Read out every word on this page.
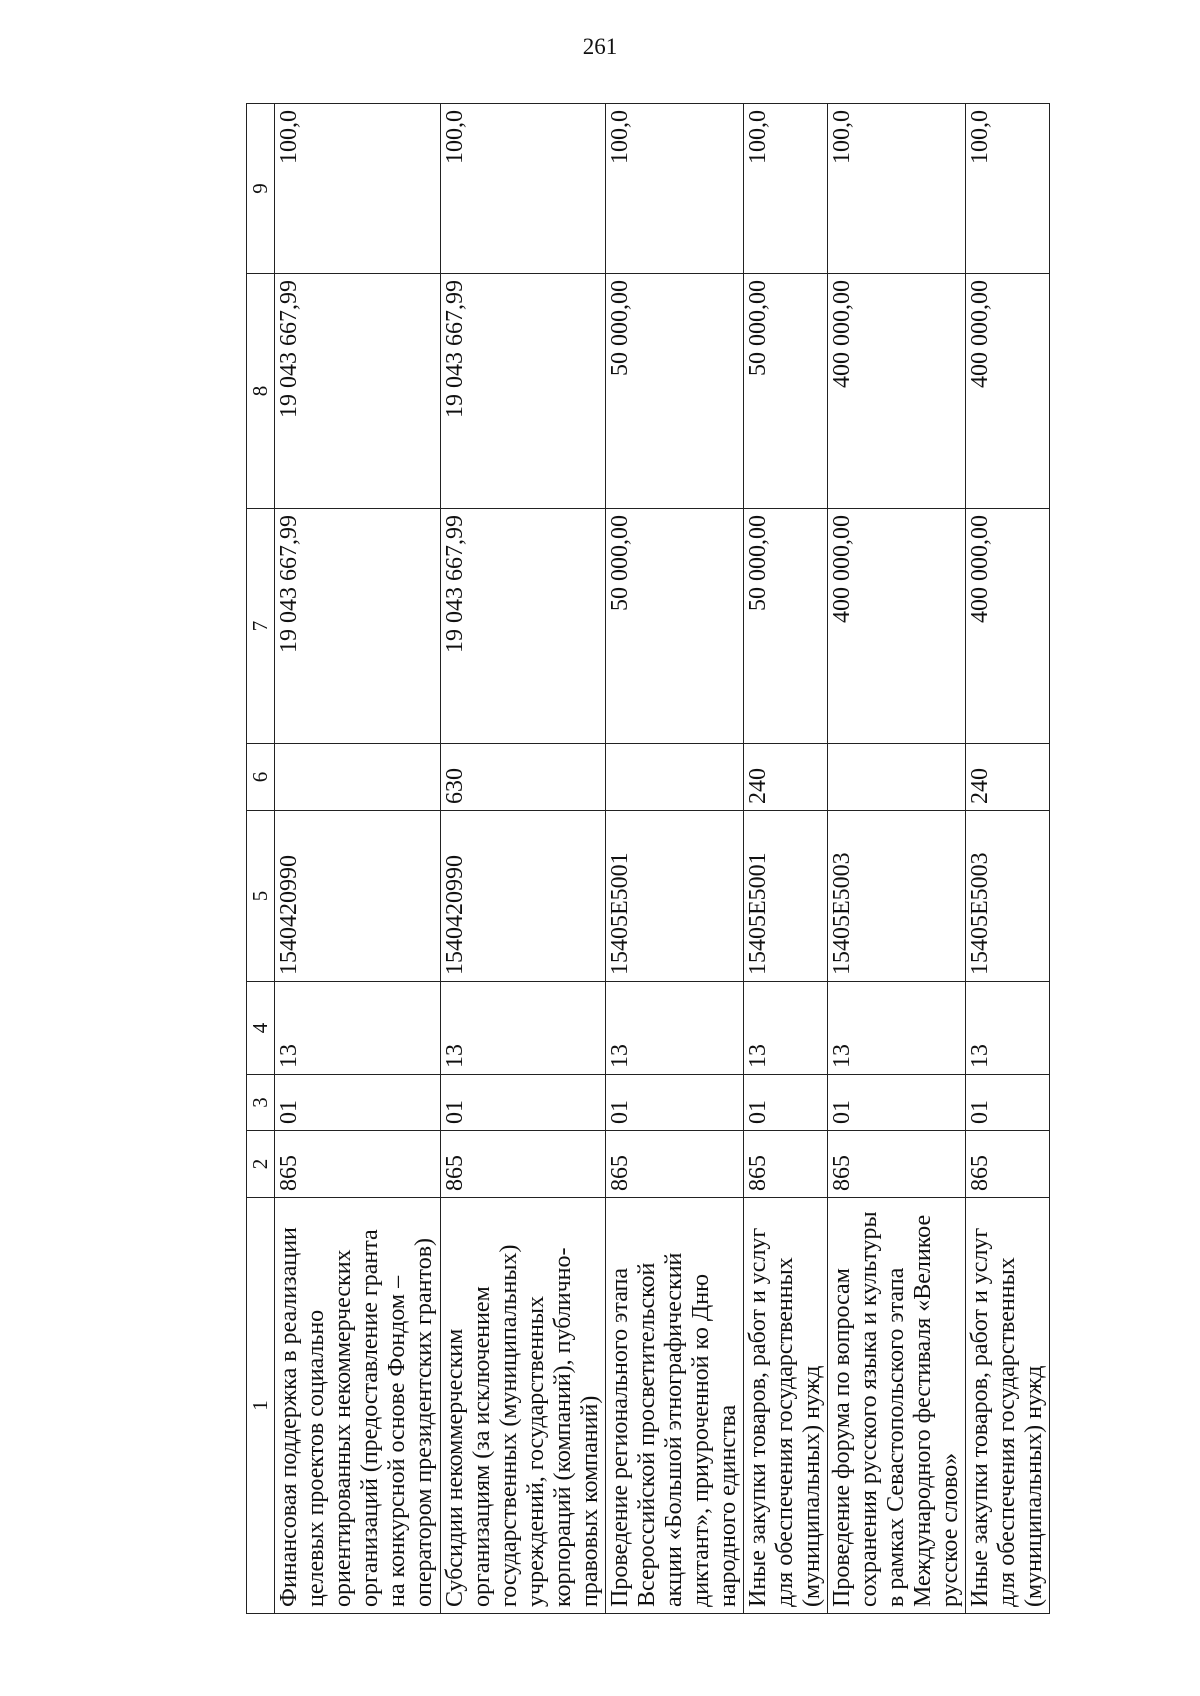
261
1	2	3	4	5	6	7	8	9
Финансовая поддержка в реализации целевых проектов социально ориентированных некоммерческих организаций (предоставление гранта на конкурсной основе Фондом – оператором президентских грантов)	865	01	13	1540420990		19 043 667,99	19 043 667,99	100,0
Субсидии некоммерческим организациям (за исключением государственных (муниципальных) учреждений, государственных корпораций (компаний), публично-правовых компаний)	865	01	13	1540420990	630	19 043 667,99	19 043 667,99	100,0
Проведение регионального этапа Всероссийской просветительской акции «Большой этнографический диктант», приуроченной ко Дню народного единства	865	01	13	15405E5001		50 000,00	50 000,00	100,0
Иные закупки товаров, работ и услуг для обеспечения государственных (муниципальных) нужд	865	01	13	15405E5001	240	50 000,00	50 000,00	100,0
Проведение форума по вопросам сохранения русского языка и культуры в рамках Севастопольского этапа Международного фестиваля «Великое русское слово»	865	01	13	15405E5003		400 000,00	400 000,00	100,0
Иные закупки товаров, работ и услуг для обеспечения государственных (муниципальных) нужд	865	01	13	15405E5003	240	400 000,00	400 000,00	100,0
